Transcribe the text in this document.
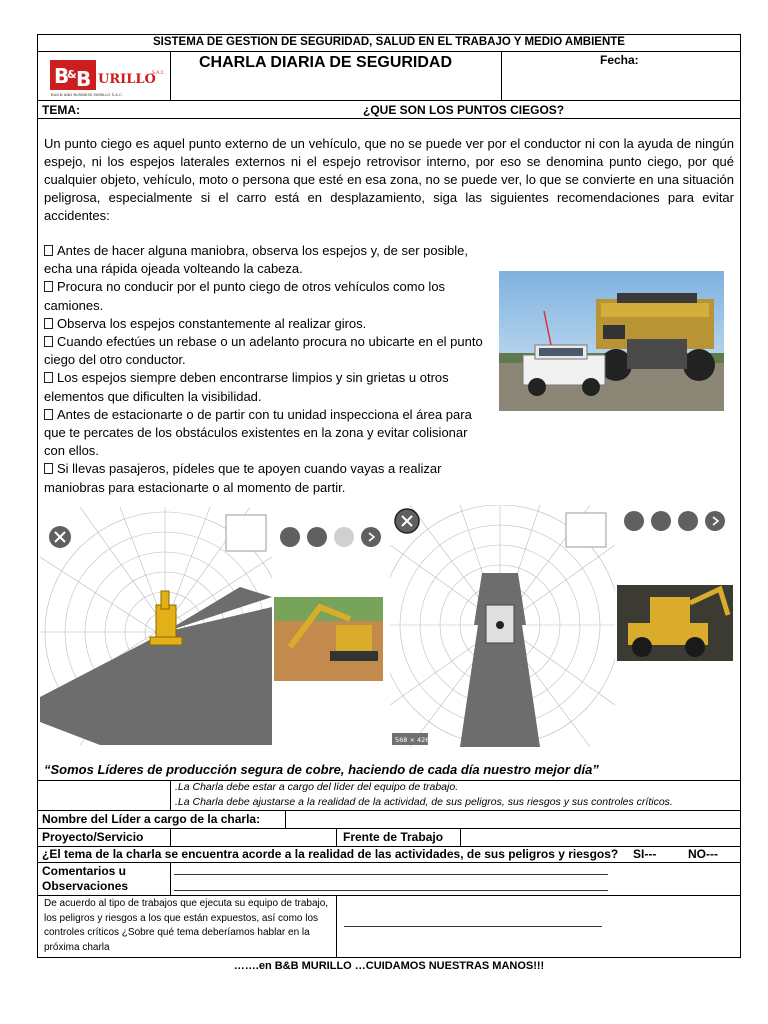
SISTEMA DE GESTION DE SEGURIDAD, SALUD EN EL TRABAJO Y MEDIO AMBIENTE
B
& B URILLO
S.A.C
BUILD AND BUSINESS MURILLO S.A.C.
CHARLA DIARIA DE SEGURIDAD	Fecha:
TEMA:	¿QUE SON LOS PUNTOS CIEGOS?
Un punto ciego es aquel punto externo de un vehículo, que no se puede ver por el conductor ni con la ayuda de ningún espejo, ni los espejos laterales externos ni el espejo retrovisor interno, por eso se denomina punto ciego, por qué cualquier objeto, vehículo, moto o persona que esté en esa zona, no se puede ver, lo que se convierte en una situación peligrosa, especialmente si el carro está en desplazamiento, siga las siguientes recomendaciones para evitar accidentes:

Antes de hacer alguna maniobra, observa los espejos y, de ser posible, echa una rápida ojeada volteando la cabeza.

Procura no conducir por el punto ciego de otros vehículos como los camiones.

Observa los espejos constantemente al realizar giros.

Cuando efectúes un rebase o un adelanto procura no ubicarte en el punto ciego del otro conductor.

Los espejos siempre deben encontrarse limpios y sin grietas u otros elementos que dificulten la visibilidad.

Antes de estacionarte o de partir con tu unidad inspecciona el área para que te percates de los obstáculos existentes en la zona y evitar colisionar con ellos.

Si llevas pasajeros, pídeles que te apoyen cuando vayas a realizar maniobras para estacionarte o al momento de partir.

568 × 426
“Somos Líderes de producción segura de cobre, haciendo de cada día nuestro mejor día”
.La Charla debe estar a cargo del líder del equipo de trabajo.
.La Charla debe ajustarse a la realidad de la actividad, de sus peligros, sus riesgos y sus controles críticos.
Nombre del Líder a cargo de la charla:
Proyecto/Servicio	Frente de Trabajo
¿El tema de la charla se encuentra acorde a la realidad de las actividades, de sus peligros y riesgos? SI---	NO---
Comentarios u Observaciones
De acuerdo al tipo de trabajos que ejecuta su equipo de trabajo, los peligros y riesgos a los que están expuestos, así como los controles críticos ¿Sobre qué tema deberíamos hablar en la próxima charla
…….en B&B MURILLO …CUIDAMOS NUESTRAS MANOS!!!
